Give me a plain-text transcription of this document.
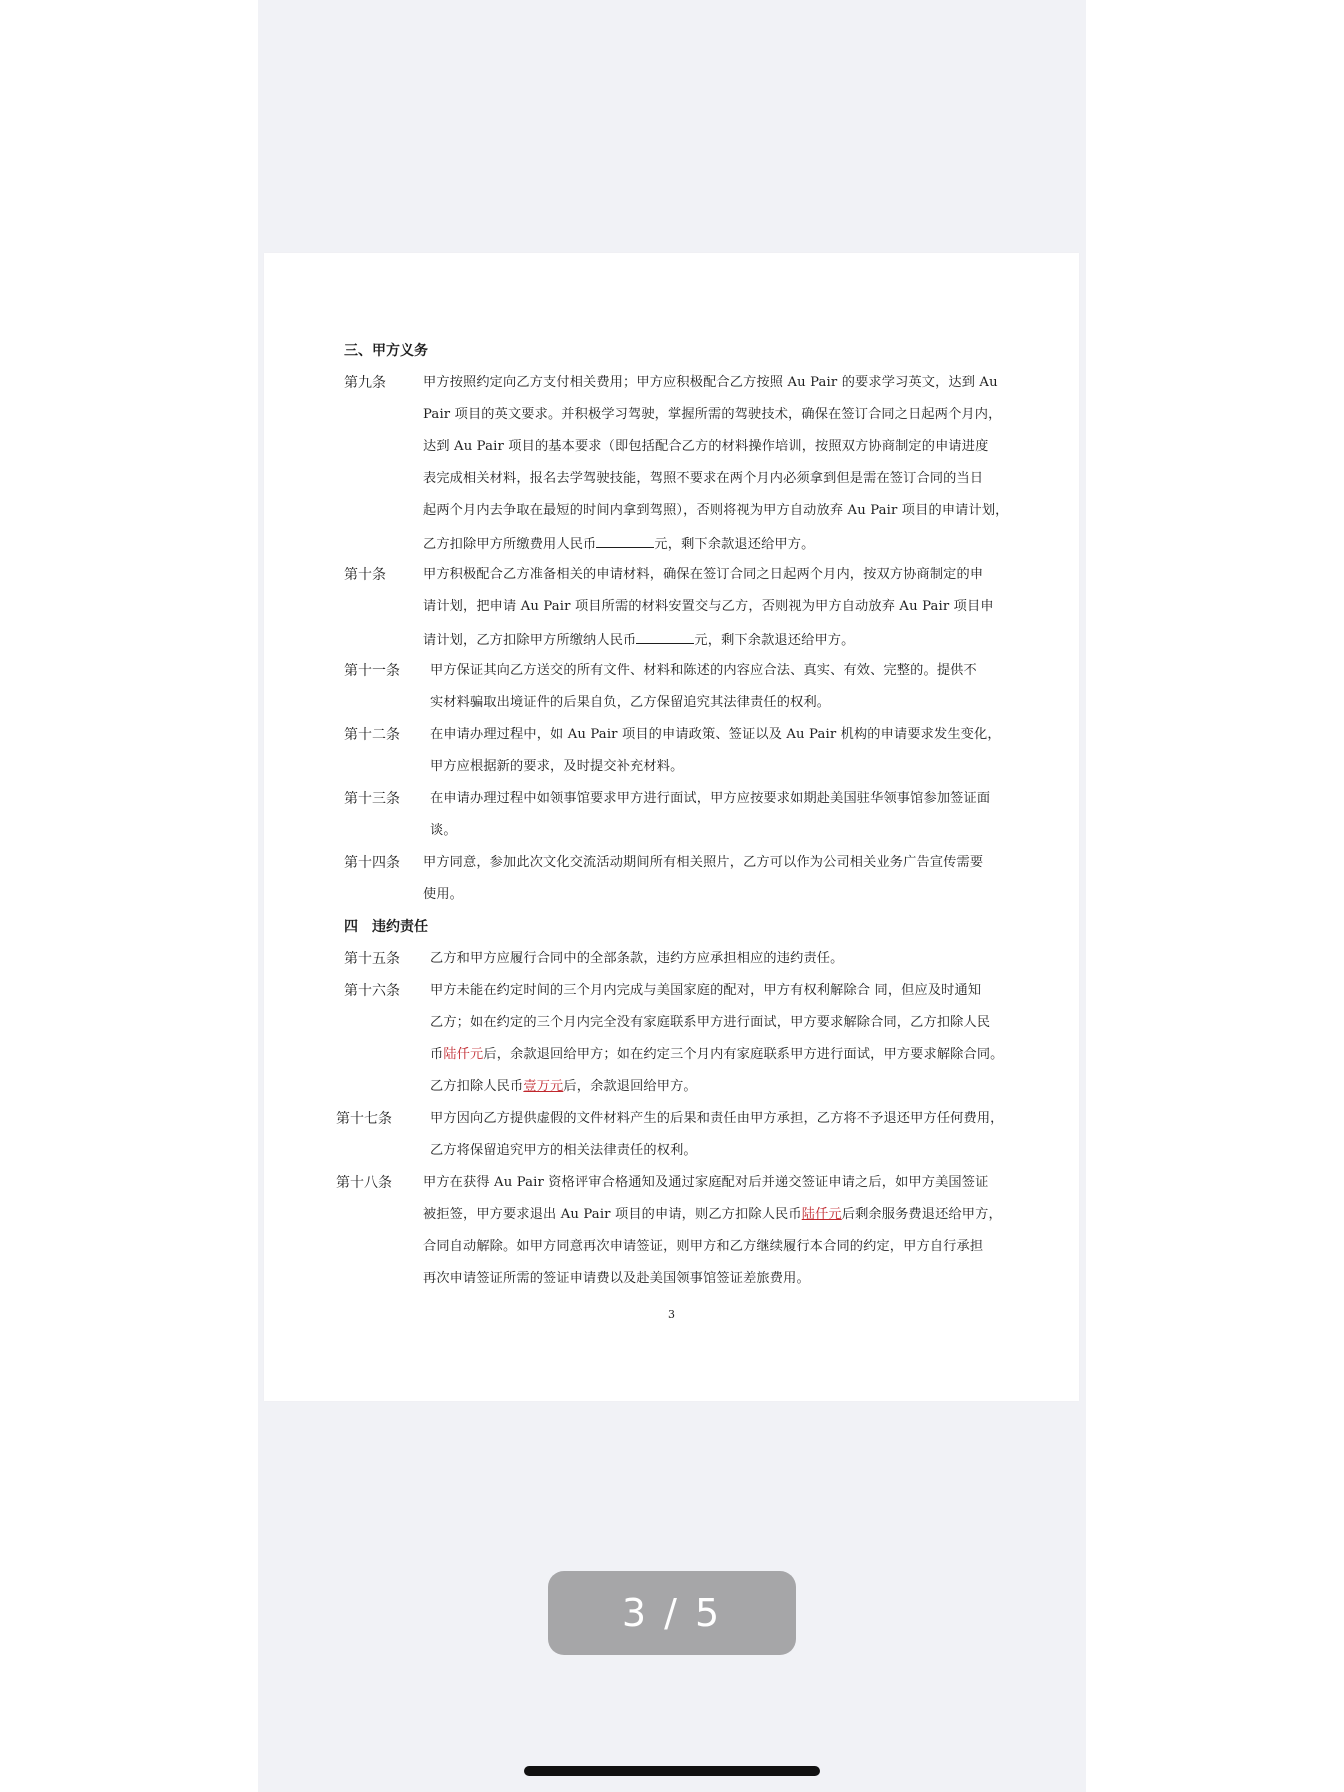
三、甲方义务
第九条	甲方按照约定向乙方支付相关费用；甲方应积极配合乙方按照 Au Pair 的要求学习英文，达到 Au
Pair 项目的英文要求。并积极学习驾驶，掌握所需的驾驶技术，确保在签订合同之日起两个月内，
达到 Au Pair 项目的基本要求（即包括配合乙方的材料操作培训，按照双方协商制定的申请进度
表完成相关材料，报名去学驾驶技能，驾照不要求在两个月内必须拿到但是需在签订合同的当日
起两个月内去争取在最短的时间内拿到驾照），否则将视为甲方自动放弃 Au Pair 项目的申请计划，
乙方扣除甲方所缴费用人民币	元，剩下余款退还给甲方。
第十条	甲方积极配合乙方准备相关的申请材料，确保在签订合同之日起两个月内，按双方协商制定的申
请计划，把申请 Au Pair 项目所需的材料安置交与乙方，否则视为甲方自动放弃 Au Pair 项目申
请计划，乙方扣除甲方所缴纳人民币	元，剩下余款退还给甲方。
第十一条 甲方保证其向乙方送交的所有文件、材料和陈述的内容应合法、真实、有效、完整的。提供不
实材料骗取出境证件的后果自负，乙方保留追究其法律责任的权利。
第十二条 在申请办理过程中，如 Au Pair 项目的申请政策、签证以及 Au Pair 机构的申请要求发生变化，
甲方应根据新的要求，及时提交补充材料。
第十三条 在申请办理过程中如领事馆要求甲方进行面试，甲方应按要求如期赴美国驻华领事馆参加签证面
谈。
第十四条 甲方同意，参加此次文化交流活动期间所有相关照片，乙方可以作为公司相关业务广告宣传需要
使用。
四　违约责任
第十五条 乙方和甲方应履行合同中的全部条款，违约方应承担相应的违约责任。
第十六条 甲方未能在约定时间的三个月内完成与美国家庭的配对，甲方有权利解除合 同，但应及时通知
乙方；如在约定的三个月内完全没有家庭联系甲方进行面试，甲方要求解除合同，乙方扣除人民
币陆仟元后，余款退回给甲方；如在约定三个月内有家庭联系甲方进行面试，甲方要求解除合同。
乙方扣除人民币壹万元后，余款退回给甲方。
第十七条	甲方因向乙方提供虚假的文件材料产生的后果和责任由甲方承担，乙方将不予退还甲方任何费用，
乙方将保留追究甲方的相关法律责任的权利。
第十八条 甲方在获得 Au Pair 资格评审合格通知及通过家庭配对后并递交签证申请之后，如甲方美国签证
被拒签，甲方要求退出 Au Pair 项目的申请，则乙方扣除人民币陆仟元后剩余服务费退还给甲方，
合同自动解除。如甲方同意再次申请签证，则甲方和乙方继续履行本合同的约定，甲方自行承担
再次申请签证所需的签证申请费以及赴美国领事馆签证差旅费用。
3
3 / 5
